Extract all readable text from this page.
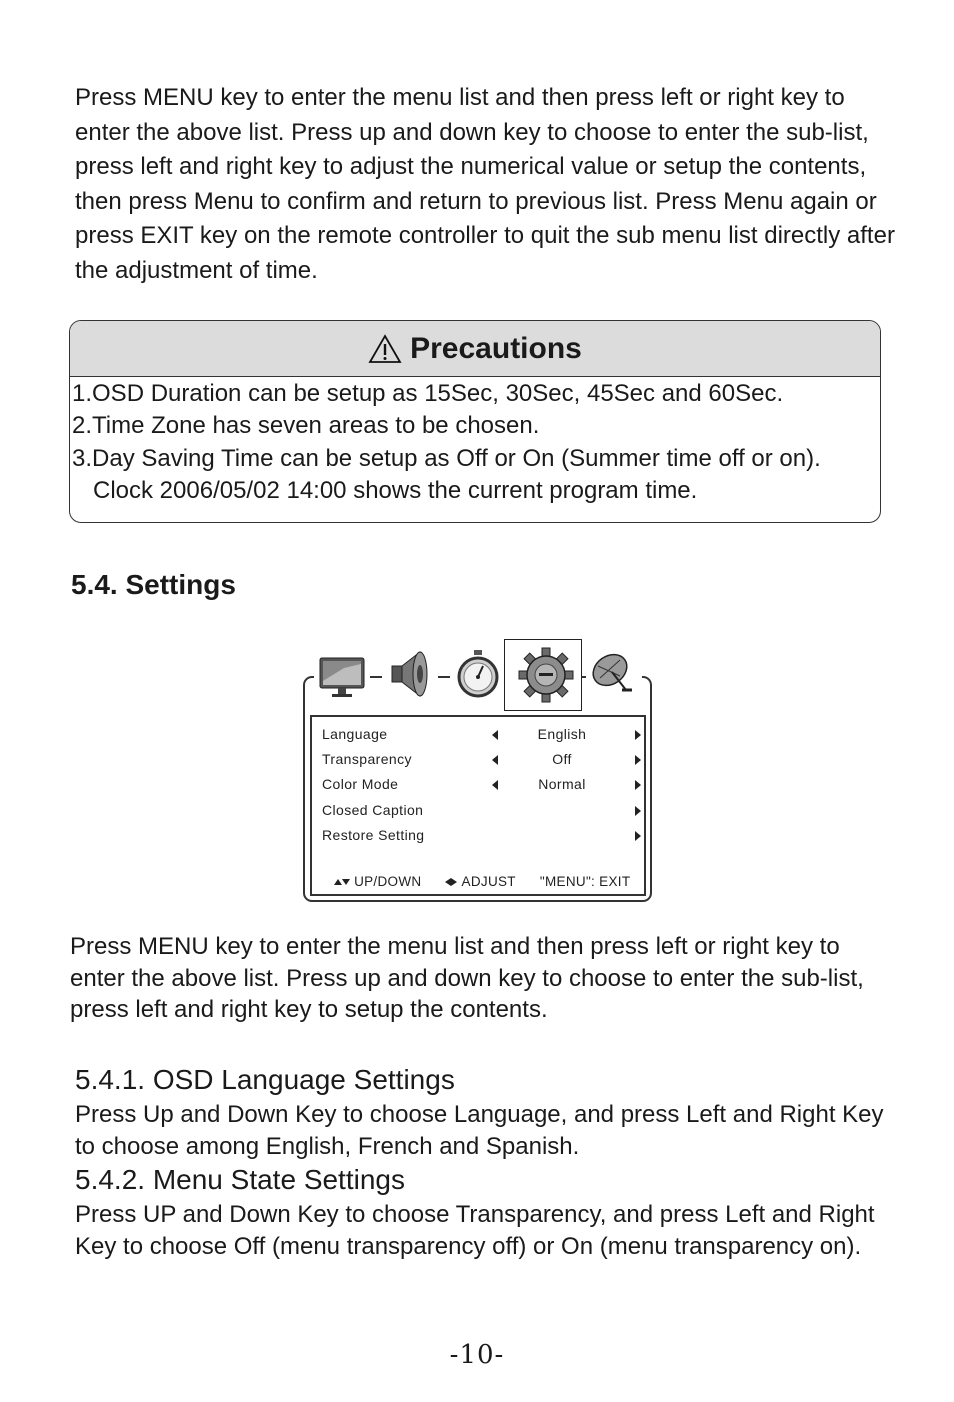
Press MENU key to enter the menu list and then press left or right key to enter the above list. Press up and down key to choose to enter the sub-list, press left and right key to adjust the numerical value or setup the contents, then press Menu to confirm and return to previous list. Press Menu again or press EXIT key on the remote controller to quit the sub menu list directly after the adjustment of time.

Precautions
1.OSD Duration can be setup as 15Sec, 30Sec, 45Sec and 60Sec.
2.Time Zone has seven areas to be chosen.
3.Day Saving Time can be setup as Off or On (Summer time off or on).
Clock 2006/05/02 14:00 shows the current program time.
5.4. Settings
Language	English
Transparency	Off
Color Mode	Normal
Closed Caption
Restore Setting
UP/DOWN	ADJUST "MENU": EXIT

Press MENU key to enter the menu list and then press left or right key to enter the above list. Press up and down key to choose to enter the sub-list, press left and right key to setup the contents.

5.4.1. OSD Language Settings

Press Up and Down Key to choose Language, and press Left and Right Key to choose among English, French and Spanish.

5.4.2. Menu State Settings

Press UP and Down Key to choose Transparency, and press Left and Right Key to choose Off (menu transparency off) or On (menu transparency on).

-10-
